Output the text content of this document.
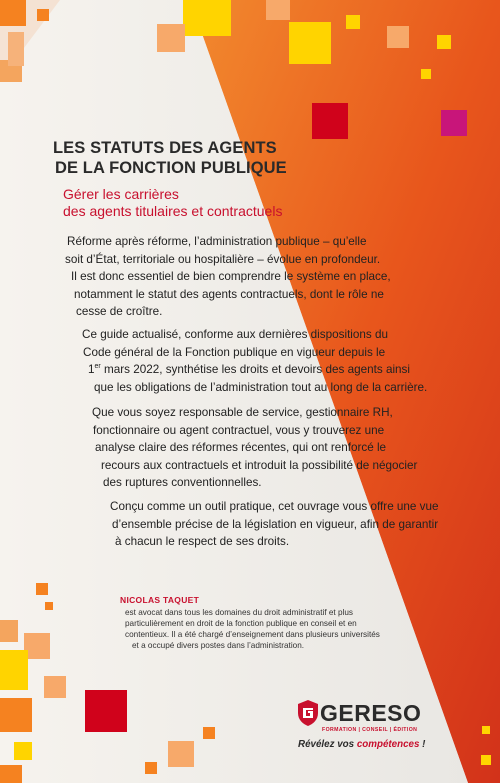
LES STATUTS DES AGENTS
DE LA FONCTION PUBLIQUE
Gérer les carrières
des agents titulaires et contractuels
Réforme après réforme, l’administration publique – qu’elle
soit d’État, territoriale ou hospitalière – évolue en profondeur.
Il est donc essentiel de bien comprendre le système en place,
notamment le statut des agents contractuels, dont le rôle ne
cesse de croître.
Ce guide actualisé, conforme aux dernières dispositions du
Code général de la Fonction publique en vigueur depuis le
1er mars 2022, synthétise les droits et devoirs des agents ainsi
que les obligations de l’administration tout au long de la carrière.
Que vous soyez responsable de service, gestionnaire RH,
fonctionnaire ou agent contractuel, vous y trouverez une
analyse claire des réformes récentes, qui ont renforcé le
recours aux contractuels et introduit la possibilité de négocier
des ruptures conventionnelles.
Conçu comme un outil pratique, cet ouvrage vous offre une vue
d’ensemble précise de la législation en vigueur, afin de garantir
à chacun le respect de ses droits.
NICOLAS TAQUET
est avocat dans tous les domaines du droit administratif et plus
particulièrement en droit de la fonction publique en conseil et en
contentieux. Il a été chargé d’enseignement dans plusieurs universités
et a occupé divers postes dans l’administration.
GERESO
FORMATION | CONSEIL | ÉDITION
Révélez vos compétences !
